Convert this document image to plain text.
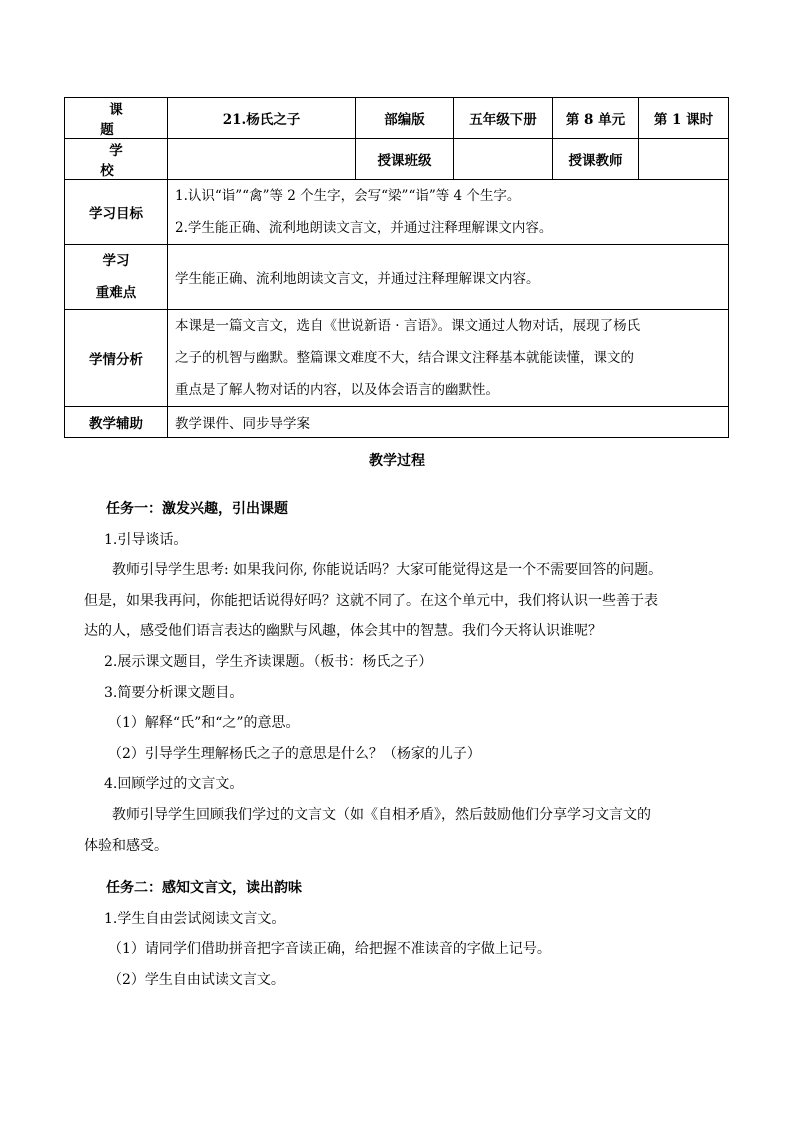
课 题	21.杨氏之子	部编版	五年级下册	第 8 单元	第 1 课时
学 校		授课班级		授课教师	
学习目标	1.认识“诣”“禽”等 2 个生字，会写“梁”“诣”等 4 个生字。
2.学生能正确、流利地朗读文言文，并通过注释理解课文内容。				

学习
重难点	学生能正确、流利地朗读文言文，并通过注释理解课文内容。				
学情分析	本课是一篇文言文，选自《世说新语 · 言语》。课文通过人物对话，展现了杨氏
之子的机智与幽默。整篇课文难度不大，结合课文注释基本就能读懂，课文的
重点是了解人物对话的内容，以及体会语言的幽默性。				

教学辅助	教学课件、同步导学案				
教学过程

任务一：激发兴趣，引出课题

1.引导谈话。

教师引导学生思考: 如果我问你, 你能说话吗？大家可能觉得这是一个不需要回答的问题。

但是，如果我再问，你能把话说得好吗？这就不同了。在这个单元中，我们将认识一些善于表

达的人，感受他们语言表达的幽默与风趣，体会其中的智慧。我们今天将认识谁呢？

2.展示课文题目，学生齐读课题。（板书：杨氏之子）

3.简要分析课文题目。

（1）解释“氏”和“之”的意思。

（2）引导学生理解杨氏之子的意思是什么？（杨家的儿子）

4.回顾学过的文言文。

教师引导学生回顾我们学过的文言文（如《自相矛盾》，然后鼓励他们分享学习文言文的

体验和感受。

任务二：感知文言文，读出韵味

1.学生自由尝试阅读文言文。

（1）请同学们借助拼音把字音读正确，给把握不准读音的字做上记号。

（2）学生自由试读文言文。
